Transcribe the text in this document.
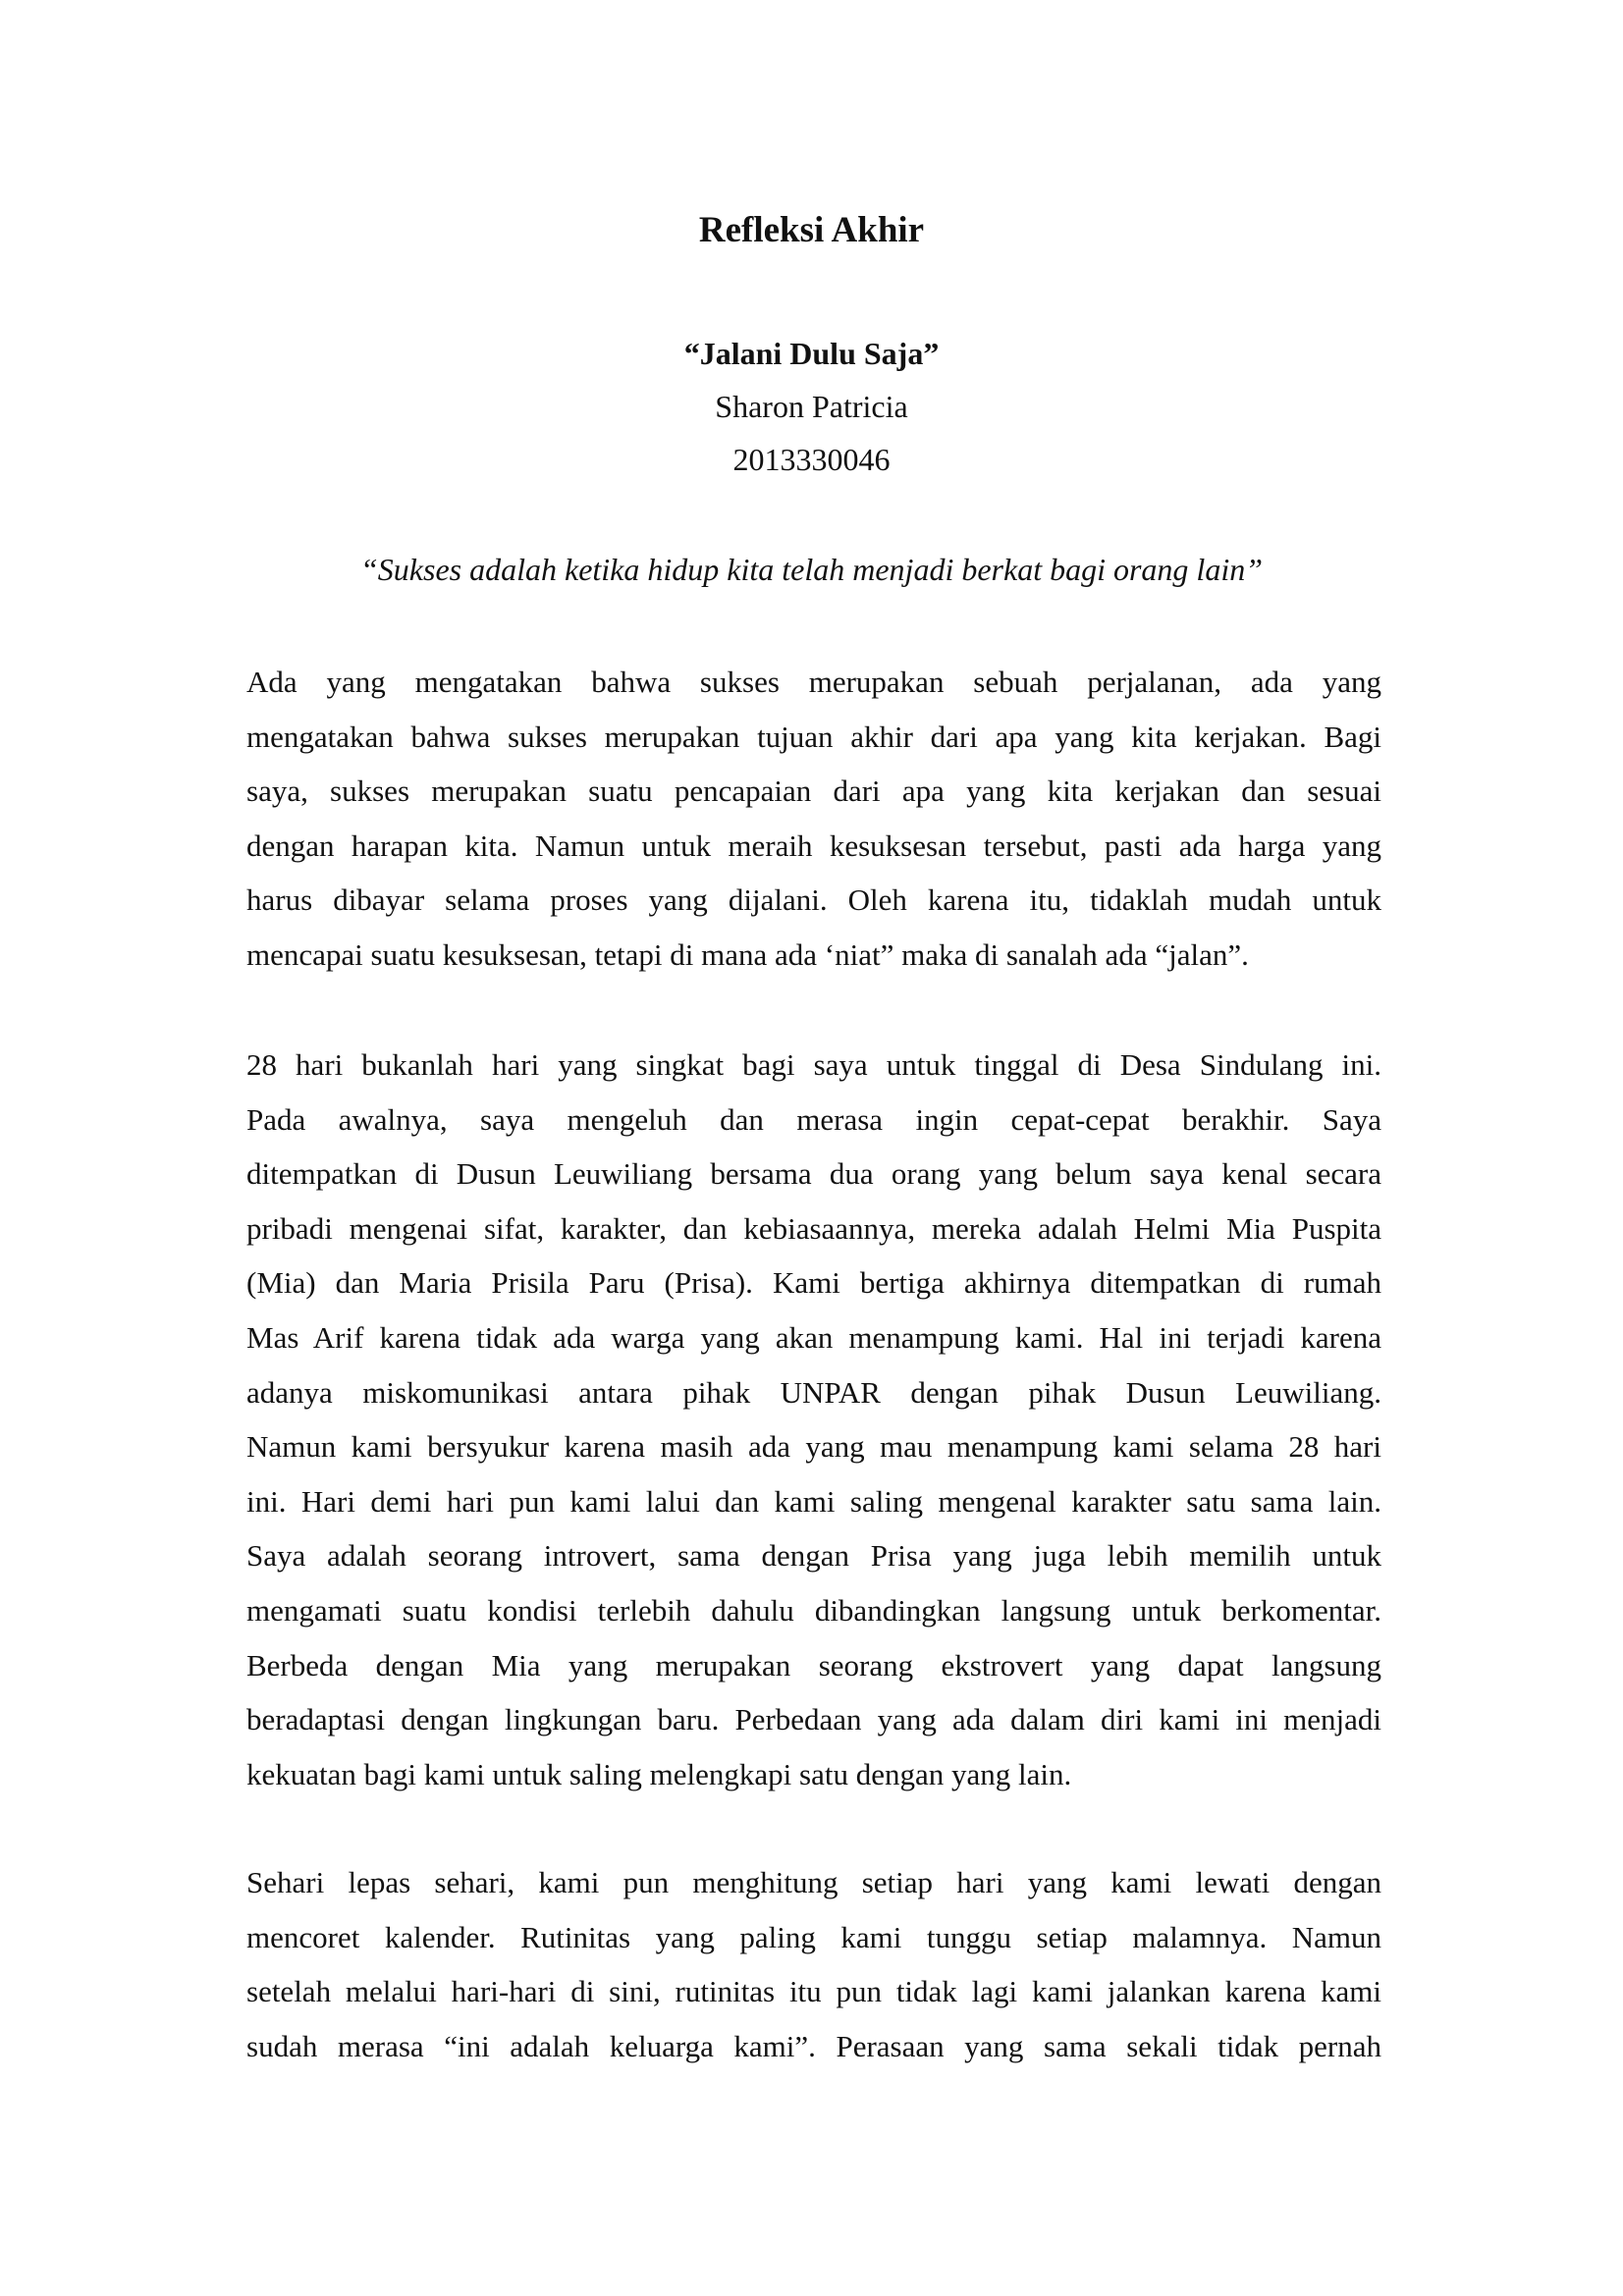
Refleksi Akhir
“Jalani Dulu Saja”
Sharon Patricia
2013330046
“Sukses adalah ketika hidup kita telah menjadi berkat bagi orang lain”
Ada yang mengatakan bahwa sukses merupakan sebuah perjalanan, ada yang
mengatakan bahwa sukses merupakan tujuan akhir dari apa yang kita kerjakan. Bagi
saya, sukses merupakan suatu pencapaian dari apa yang kita kerjakan dan sesuai
dengan harapan kita. Namun untuk meraih kesuksesan tersebut, pasti ada harga yang
harus dibayar selama proses yang dijalani. Oleh karena itu, tidaklah mudah untuk
mencapai suatu kesuksesan, tetapi di mana ada ‘niat” maka di sanalah ada “jalan”.
28 hari bukanlah hari yang singkat bagi saya untuk tinggal di Desa Sindulang ini.
Pada awalnya, saya mengeluh dan merasa ingin cepat-cepat berakhir. Saya
ditempatkan di Dusun Leuwiliang bersama dua orang yang belum saya kenal secara
pribadi mengenai sifat, karakter, dan kebiasaannya, mereka adalah Helmi Mia Puspita
(Mia) dan Maria Prisila Paru (Prisa). Kami bertiga akhirnya ditempatkan di rumah
Mas Arif karena tidak ada warga yang akan menampung kami. Hal ini terjadi karena
adanya miskomunikasi antara pihak UNPAR dengan pihak Dusun Leuwiliang.
Namun kami bersyukur karena masih ada yang mau menampung kami selama 28 hari
ini. Hari demi hari pun kami lalui dan kami saling mengenal karakter satu sama lain.
Saya adalah seorang introvert, sama dengan Prisa yang juga lebih memilih untuk
mengamati suatu kondisi terlebih dahulu dibandingkan langsung untuk berkomentar.
Berbeda dengan Mia yang merupakan seorang ekstrovert yang dapat langsung
beradaptasi dengan lingkungan baru. Perbedaan yang ada dalam diri kami ini menjadi
kekuatan bagi kami untuk saling melengkapi satu dengan yang lain.
Sehari lepas sehari, kami pun menghitung setiap hari yang kami lewati dengan
mencoret kalender. Rutinitas yang paling kami tunggu setiap malamnya. Namun
setelah melalui hari-hari di sini, rutinitas itu pun tidak lagi kami jalankan karena kami
sudah merasa “ini adalah keluarga kami”. Perasaan yang sama sekali tidak pernah
